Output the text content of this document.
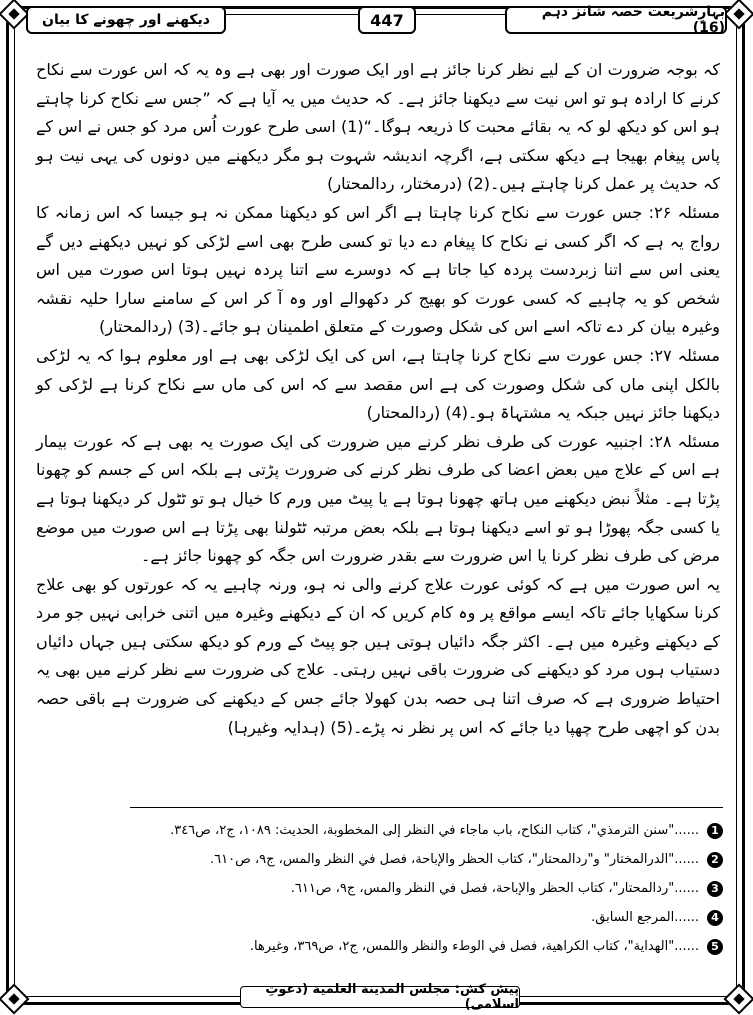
دیکھنے اور چھونے کا بیان	447	بہارِشریعت حصہ شانز دہم (16)

کہ بوجہ ضرورت ان کے لیے نظر کرنا جائز ہے اور ایک صورت اور بھی ہے وہ یہ کہ اس عورت سے نکاح کرنے کا ارادہ ہو تو اس نیت سے دیکھنا جائز ہے۔ کہ حدیث میں یہ آیا ہے کہ ”جس سے نکاح کرنا چاہتے ہو اس کو دیکھ لو کہ یہ بقائے محبت کا ذریعہ ہوگا۔“(1) اسی طرح عورت اُس مرد کو جس نے اس کے پاس پیغام بھیجا ہے دیکھ سکتی ہے، اگرچہ اندیشہ شہوت ہو مگر دیکھنے میں دونوں کی یہی نیت ہو کہ حدیث پر عمل کرنا چاہتے ہیں۔(2) (درمختار، ردالمحتار)

مسئلہ ۲۶: جس عورت سے نکاح کرنا چاہتا ہے اگر اس کو دیکھنا ممکن نہ ہو جیسا کہ اس زمانہ کا رواج یہ ہے کہ اگر کسی نے نکاح کا پیغام دے دیا تو کسی طرح بھی اسے لڑکی کو نہیں دیکھنے دیں گے یعنی اس سے اتنا زبردست پردہ کیا جاتا ہے کہ دوسرے سے اتنا پردہ نہیں ہوتا اس صورت میں اس شخص کو یہ چاہیے کہ کسی عورت کو بھیج کر دکھوالے اور وہ آ کر اس کے سامنے سارا حلیہ نقشہ وغیرہ بیان کر دے تاکہ اسے اس کی شکل وصورت کے متعلق اطمینان ہو جائے۔(3) (ردالمحتار)

مسئلہ ۲۷: جس عورت سے نکاح کرنا چاہتا ہے، اس کی ایک لڑکی بھی ہے اور معلوم ہوا کہ یہ لڑکی بالکل اپنی ماں کی شکل وصورت کی ہے اس مقصد سے کہ اس کی ماں سے نکاح کرنا ہے لڑکی کو دیکھنا جائز نہیں جبکہ یہ مشتہاۃ ہو۔(4) (ردالمحتار)

مسئلہ ۲۸: اجنبیہ عورت کی طرف نظر کرنے میں ضرورت کی ایک صورت یہ بھی ہے کہ عورت بیمار ہے اس کے علاج میں بعض اعضا کی طرف نظر کرنے کی ضرورت پڑتی ہے بلکہ اس کے جسم کو چھونا پڑتا ہے۔ مثلاً نبض دیکھنے میں ہاتھ چھونا ہوتا ہے یا پیٹ میں ورم کا خیال ہو تو ٹٹول کر دیکھنا ہوتا ہے یا کسی جگہ پھوڑا ہو تو اسے دیکھنا ہوتا ہے بلکہ بعض مرتبہ ٹٹولنا بھی پڑتا ہے اس صورت میں موضع مرض کی طرف نظر کرنا یا اس ضرورت سے بقدر ضرورت اس جگہ کو چھونا جائز ہے۔

یہ اس صورت میں ہے کہ کوئی عورت علاج کرنے والی نہ ہو، ورنہ چاہیے یہ کہ عورتوں کو بھی علاج کرنا سکھایا جائے تاکہ ایسے مواقع پر وہ کام کریں کہ ان کے دیکھنے وغیرہ میں اتنی خرابی نہیں جو مرد کے دیکھنے وغیرہ میں ہے۔ اکثر جگہ دائیاں ہوتی ہیں جو پیٹ کے ورم کو دیکھ سکتی ہیں جہاں دائیاں دستیاب ہوں مرد کو دیکھنے کی ضرورت باقی نہیں رہتی۔ علاج کی ضرورت سے نظر کرنے میں بھی یہ احتیاط ضروری ہے کہ صرف اتنا ہی حصہ بدن کھولا جائے جس کے دیکھنے کی ضرورت ہے باقی حصہ بدن کو اچھی طرح چھپا دیا جائے کہ اس پر نظر نہ پڑے۔(5) (ہدایہ وغیرہا)

1
......"سنن الترمذي"، كتاب النكاح، باب ماجاء في النظر إلى المخطوبة، الحديث: ١٠٨٩، ج٢، ص٣٤٦.
2
......"الدرالمختار" و"ردالمحتار"، كتاب الحظر والإباحة، فصل في النظر والمس، ج٩، ص٦١٠.
3
......"ردالمحتار"، كتاب الحظر والإباحة، فصل في النظر والمس، ج٩، ص٦١١.
4
......المرجع السابق.
5
......"الهداية"، كتاب الكراهية، فصل في الوطء والنظر واللمس، ج٢، ص٣٦٩، وغيرها.
پیش کش: مجلس المدينة العلمية (دعوتِ اسلامی)
